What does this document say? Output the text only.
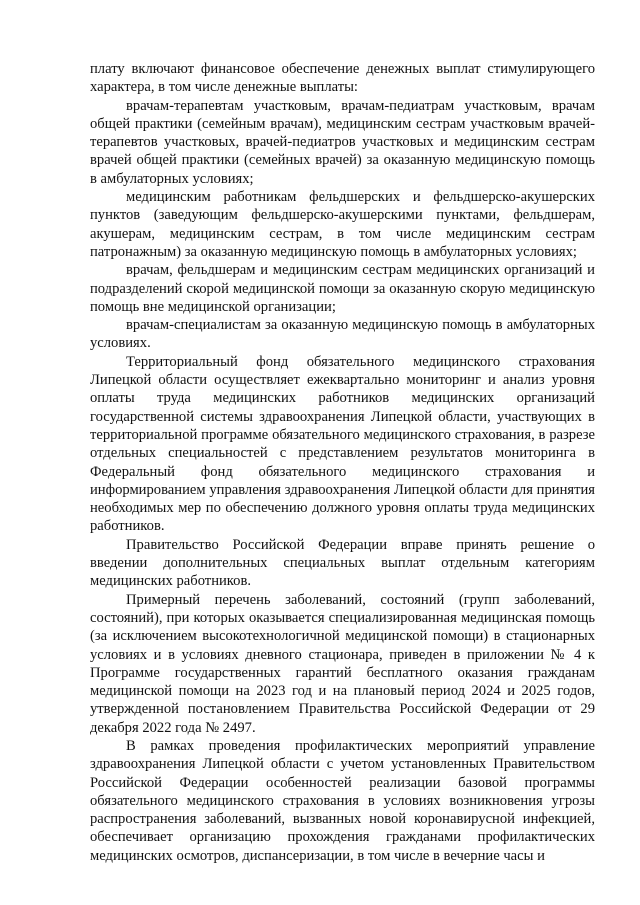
плату включают финансовое обеспечение денежных выплат стимулирующего характера, в том числе денежные выплаты:

врачам-терапевтам участковым, врачам-педиатрам участковым, врачам общей практики (семейным врачам), медицинским сестрам участковым врачей-терапевтов участковых, врачей-педиатров участковых и медицинским сестрам врачей общей практики (семейных врачей) за оказанную медицинскую помощь в амбулаторных условиях;

медицинским работникам фельдшерских и фельдшерско-акушерских пунктов (заведующим фельдшерско-акушерскими пунктами, фельдшерам, акушерам, медицинским сестрам, в том числе медицинским сестрам патронажным) за оказанную медицинскую помощь в амбулаторных условиях;

врачам, фельдшерам и медицинским сестрам медицинских организаций и подразделений скорой медицинской помощи за оказанную скорую медицинскую помощь вне медицинской организации;

врачам-специалистам за оказанную медицинскую помощь в амбулаторных условиях.

Территориальный фонд обязательного медицинского страхования Липецкой области осуществляет ежеквартально мониторинг и анализ уровня оплаты труда медицинских работников медицинских организаций государственной системы здравоохранения Липецкой области, участвующих в территориальной программе обязательного медицинского страхования, в разрезе отдельных специальностей с представлением результатов мониторинга в Федеральный фонд обязательного медицинского страхования и информированием управления здравоохранения Липецкой области для принятия необходимых мер по обеспечению должного уровня оплаты труда медицинских работников.

Правительство Российской Федерации вправе принять решение о введении дополнительных специальных выплат отдельным категориям медицинских работников.

Примерный перечень заболеваний, состояний (групп заболеваний, состояний), при которых оказывается специализированная медицинская помощь (за исключением высокотехнологичной медицинской помощи) в стационарных условиях и в условиях дневного стационара, приведен в приложении № 4 к Программе государственных гарантий бесплатного оказания гражданам медицинской помощи на 2023 год и на плановый период 2024 и 2025 годов, утвержденной постановлением Правительства Российской Федерации от 29 декабря 2022 года № 2497.

В рамках проведения профилактических мероприятий управление здравоохранения Липецкой области с учетом установленных Правительством Российской Федерации особенностей реализации базовой программы обязательного медицинского страхования в условиях возникновения угрозы распространения заболеваний, вызванных новой коронавирусной инфекцией, обеспечивает организацию прохождения гражданами профилактических медицинских осмотров, диспансеризации, в том числе в вечерние часы и
